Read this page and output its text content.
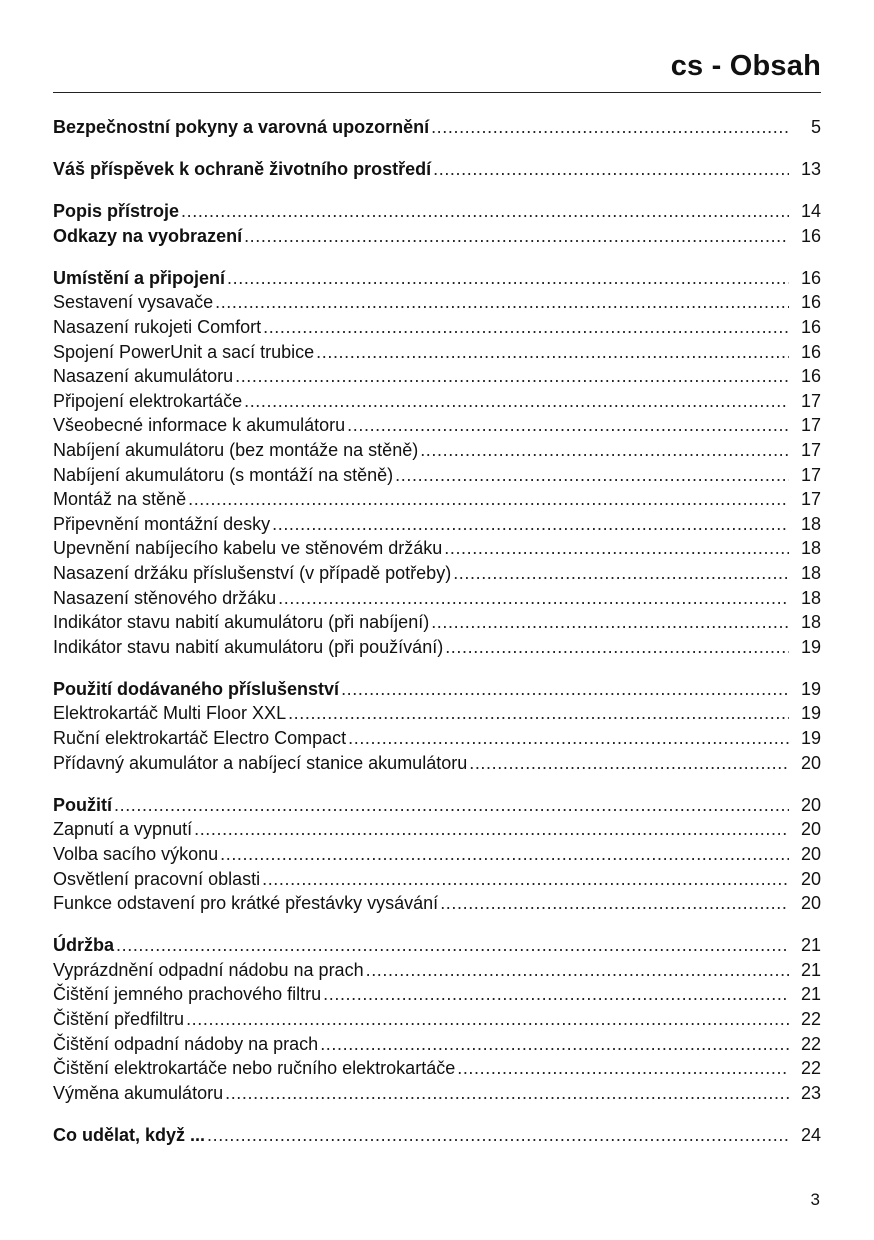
cs - Obsah
Bezpečnostní pokyny a varovná upozornění .....	5
Váš příspěvek k ochraně životního prostředí .....	13
Popis přístroje .....	14
Odkazy na vyobrazení .....	16
Umístění a připojení .....	16
Sestavení vysavače .....	16
Nasazení rukojeti Comfort .....	16
Spojení PowerUnit a sací trubice .....	16
Nasazení akumulátoru .....	16
Připojení elektrokartáče .....	17
Všeobecné informace k akumulátoru .....	17
Nabíjení akumulátoru (bez montáže na stěně) .....	17
Nabíjení akumulátoru (s montáží na stěně) .....	17
Montáž na stěně .....	17
Připevnění montážní desky .....	18
Upevnění nabíjecího kabelu ve stěnovém držáku .....	18
Nasazení držáku příslušenství (v případě potřeby) .....	18
Nasazení stěnového držáku .....	18
Indikátor stavu nabití akumulátoru (při nabíjení) .....	18
Indikátor stavu nabití akumulátoru (při používání) .....	19
Použití dodávaného příslušenství .....	19
Elektrokartáč Multi Floor XXL .....	19
Ruční elektrokartáč Electro Compact .....	19
Přídavný akumulátor a nabíjecí stanice akumulátoru .....	20
Použití .....	20
Zapnutí a vypnutí .....	20
Volba sacího výkonu .....	20
Osvětlení pracovní oblasti .....	20
Funkce odstavení pro krátké přestávky vysávání .....	20
Údržba .....	21
Vyprázdnění odpadní nádobu na prach .....	21
Čištění jemného prachového filtru .....	21
Čištění předfiltru .....	22
Čištění odpadní nádoby na prach .....	22
Čištění elektrokartáče nebo ručního elektrokartáče .....	22
Výměna akumulátoru .....	23
Co udělat, když ... .....	24
3
